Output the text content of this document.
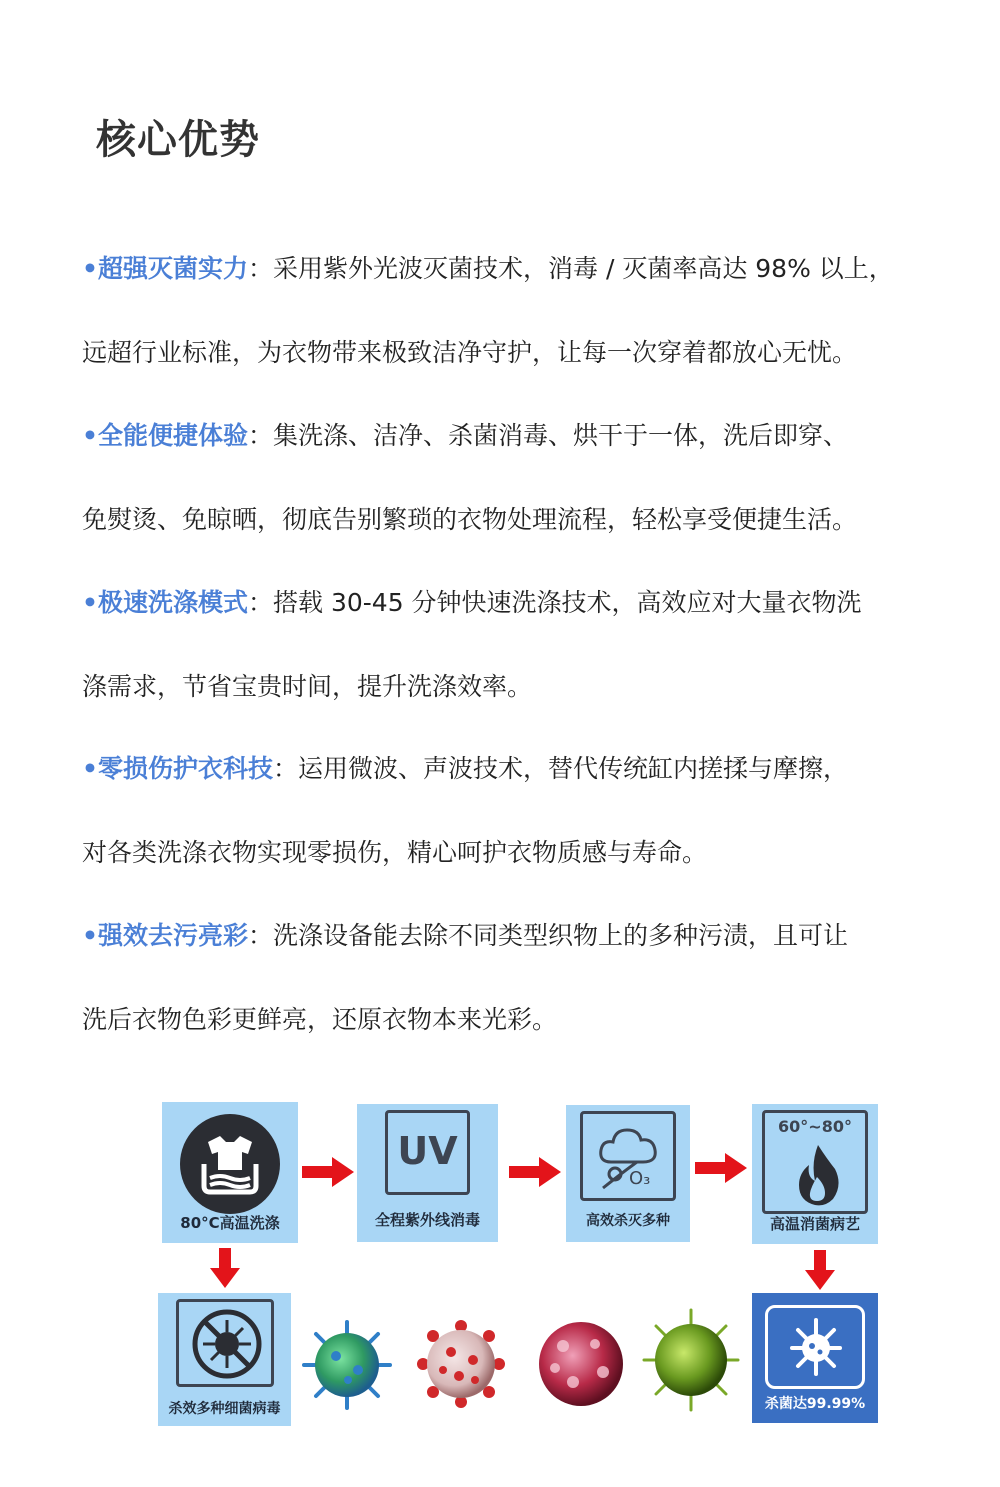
核心优势
•超强灭菌实力：采用紫外光波灭菌技术，消毒 / 灭菌率高达 98% 以上，
远超行业标准，为衣物带来极致洁净守护，让每一次穿着都放心无忧。
•全能便捷体验：集洗涤、洁净、杀菌消毒、烘干于一体，洗后即穿、
免熨烫、免晾晒，彻底告别繁琐的衣物处理流程，轻松享受便捷生活。
•极速洗涤模式：搭载 30-45 分钟快速洗涤技术，高效应对大量衣物洗
涤需求，节省宝贵时间，提升洗涤效率。
•零损伤护衣科技：运用微波、声波技术，替代传统缸内搓揉与摩擦，
对各类洗涤衣物实现零损伤，精心呵护衣物质感与寿命。
•强效去污亮彩：洗涤设备能去除不同类型织物上的多种污渍，且可让
洗后衣物色彩更鲜亮，还原衣物本来光彩。
80°C高温洗涤
UV
全程紫外线消毒
O₃
高效杀灭多种
60°~80°
高温消菌病艺
杀效多种细菌病毒	杀菌达99.99%
